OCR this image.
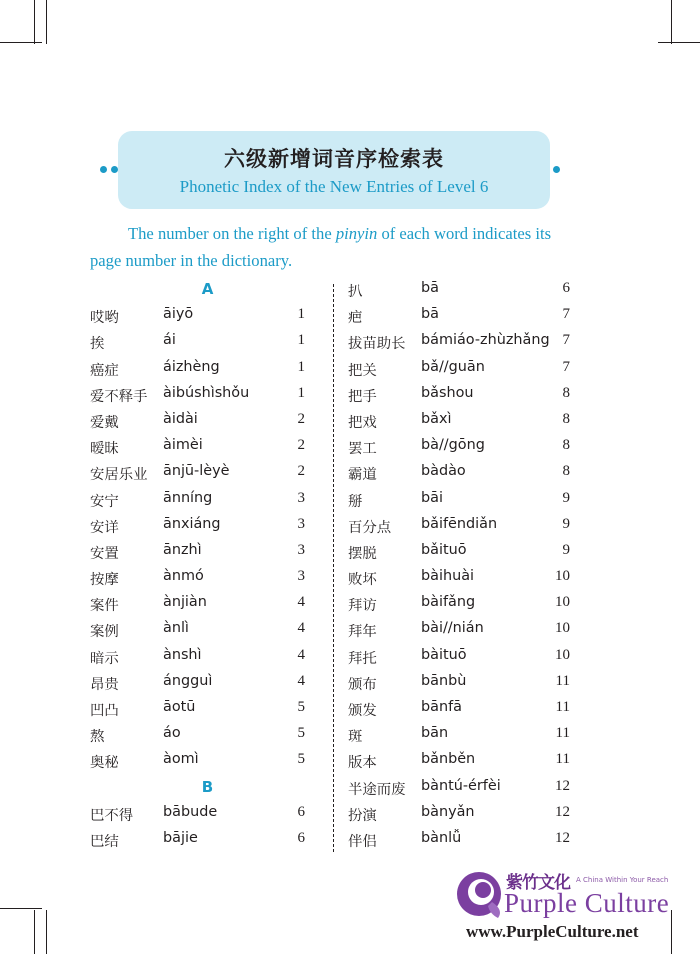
六级新增词音序检索表
Phonetic Index of the New Entries of Level 6
The number on the right of the pinyin of each word indicates its page number in the dictionary.
A
哎哟	āiyō	1
挨	ái	1
癌症	áizhèng	1
爱不释手 àibúshìshǒu	1
爱戴	àidài	2
暧昧	àimèi	2
安居乐业 ānjū-lèyè	2
安宁	ānníng	3
安详	ānxiáng	3
安置	ānzhì	3
按摩	ànmó	3
案件	ànjiàn	4
案例	ànlì	4
暗示	ànshì	4
昂贵	ángguì	4
凹凸	āotū	5
熬	áo	5
奥秘	àomì	5
B
巴不得 bābude	6
巴结	bājie	6
扒	bā	6
疤	bā	7
拔苗助长 bámiáo-zhùzhǎng 7
把关	bǎ//guān	7
把手	bǎshou	8
把戏	bǎxì	8
罢工	bà//gōng	8
霸道	bàdào	8
掰	bāi	9
百分点 bǎifēndiǎn	9
摆脱	bǎituō	9
败坏	bàihuài	10
拜访	bàifǎng	10
拜年	bài//nián	10
拜托	bàituō	10
颁布	bānbù	11
颁发	bānfā	11
斑	bān	11
版本	bǎnběn	11
半途而废 bàntú-érfèi	12
扮演	bànyǎn	12
伴侣	bànlǚ	12
紫竹文化 A China Within Your Reach
Purple Culture
www.PurpleCulture.net
